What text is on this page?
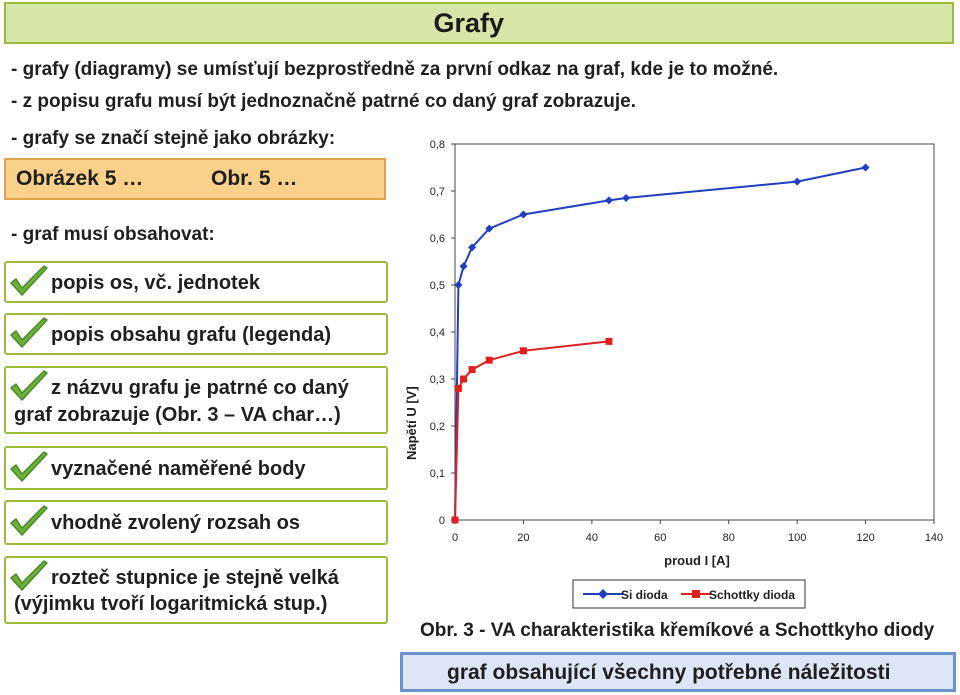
Grafy
- grafy (diagramy) se umísťují bezprostředně za první odkaz na graf, kde je to možné.
- z popisu grafu musí být jednoznačně patrné co daný graf zobrazuje.
- grafy se značí stejně jako obrázky:
Obrázek 5 …	Obr. 5 …
- graf musí obsahovat:
popis os, vč. jednotek
popis obsahu grafu (legenda)
z názvu grafu je patrné co daný
graf zobrazuje (Obr. 3 – VA char…)
vyznačené naměřené body
vhodně zvolený rozsah os
rozteč stupnice je stejně velká
(výjimku tvoří logaritmická stup.)
Napětí U [V]
proud I [A]
0
0,1
0,2
0,3
0,4
0,5
0,6
0,7
0,8
0	20	40	60	80	100	120	140
Si dioda	Schottky dioda
Obr. 3 - VA charakteristika křemíkové a Schottkyho diody
graf obsahující všechny potřebné náležitosti
